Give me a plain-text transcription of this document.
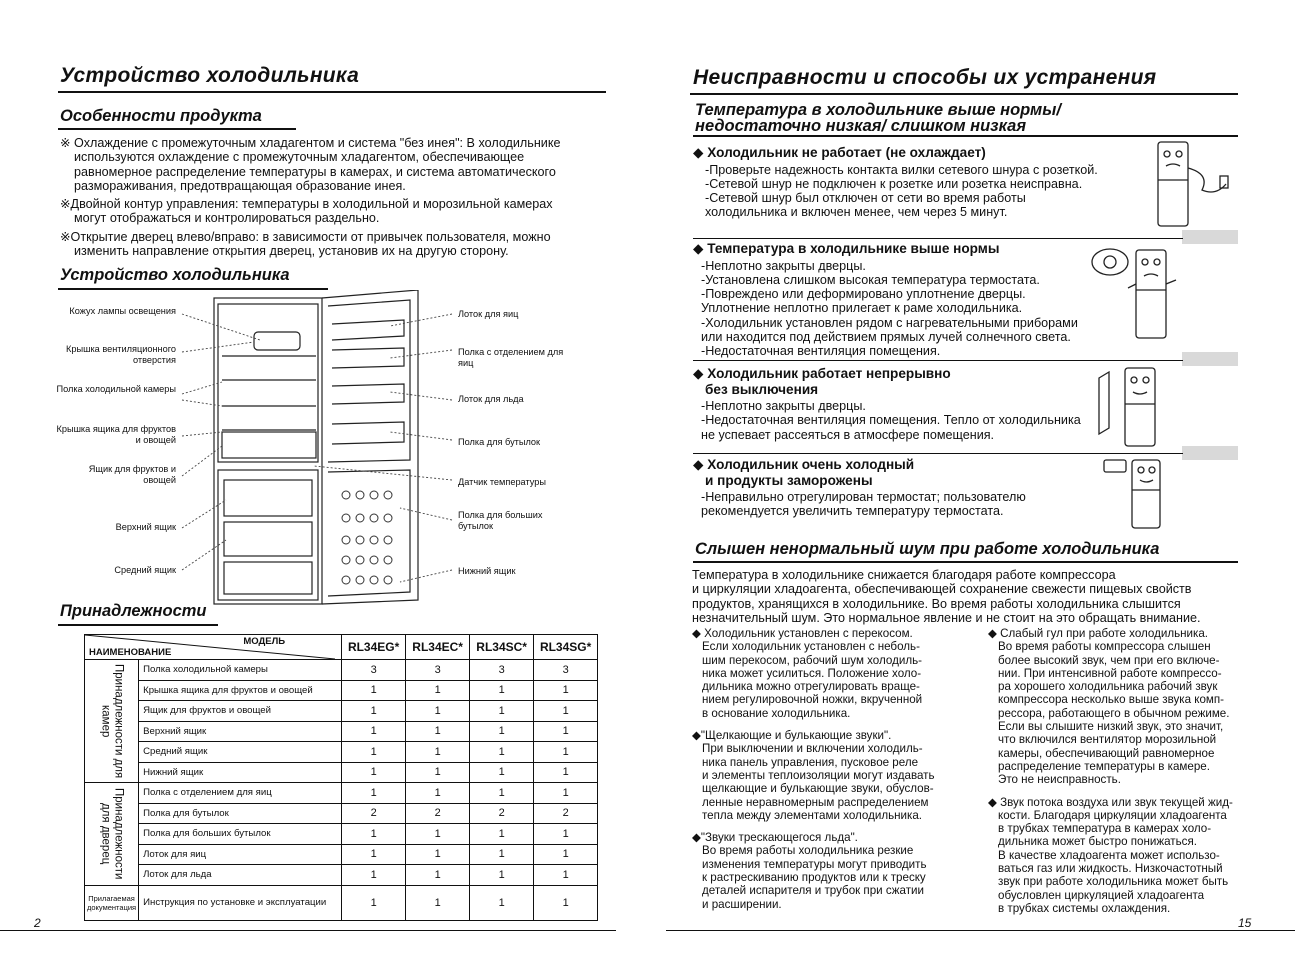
Устройство холодильника
Особенности продукта
※ Охлаждение с промежуточным хладагентом и система "без инея": В холодильнике
используются охлаждение с промежуточным хладагентом, обеспечивающее
равномерное распределение температуры в камерах, и система автоматического
размораживания, предотвращающая образование инея.
※Двойной контур управления: температуры в холодильной и морозильной камерах
могут отображаться и контролироваться раздельно.
※Открытие дверец влево/вправо: в зависимости от привычек пользователя, можно
изменить направление открытия дверец, установив их на другую сторону.
Устройство холодильника
Кожух лампы освещения
Крышка вентиляционного отверстия
Полка холодильной камеры
Крышка ящика для фруктов и овощей
Ящик для фруктов и овощей
Верхний ящик
Средний ящик
Лоток для яиц
Полка с отделением для яиц
Лоток для льда
Полка для бутылок
Датчик температуры
Полка для больших бутылок
Нижний ящик
Принадлежности
МОДЕЛЬ
НАИМЕНОВАНИЕ		RL34EG*	RL34EC*	RL34SC*	RL34SG*

Принадлежности для камер	Полка холодильной камеры	3	3	3	3
	Крышка ящика для фруктов и овощей	1	1	1	1
	Ящик для фруктов и овощей	1	1	1	1
	Верхний ящик	1	1	1	1
	Средний ящик	1	1	1	1
	Нижний ящик	1	1	1	1

Принадлежности для дверец	Полка с отделением для яиц	1	1	1	1
	Полка для бутылок	2	2	2	2
	Полка для больших бутылок	1	1	1	1
	Лоток для яиц	1	1	1	1
	Лоток для льда	1	1	1	1
Прилагаемая документация	Инструкция по установке и эксплуатации	1	1	1	1
2
Неисправности и способы их устранения
Температура в холодильнике выше нормы/
недостаточно низкая/ слишком низкая
◆ Холодильник не работает (не охлаждает)
-Проверьте надежность контакта вилки сетевого шнура с розеткой.
-Сетевой шнур не подключен к розетке или розетка неисправна.
-Сетевой шнур был отключен от сети во время работы
холодильника и включен менее, чем через 5 минут.
◆ Температура в холодильнике выше нормы
-Неплотно закрыты дверцы.
-Установлена слишком высокая температура термостата.
-Повреждено или деформировано уплотнение дверцы.
Уплотнение неплотно прилегает к раме холодильника.
-Холодильник установлен рядом с нагревательными приборами
или находится под действием прямых лучей солнечного света.
-Недостаточная вентиляция помещения.
◆ Холодильник работает непрерывно
без выключения
-Неплотно закрыты дверцы.
-Недостаточная вентиляция помещения. Тепло от холодильника
не успевает рассеяться в атмосфере помещения.
◆ Холодильник очень холодный
и продукты заморожены
-Неправильно отрегулирован термостат; пользователю
рекомендуется увеличить температуру термостата.
Слышен ненормальный шум при работе холодильника
Температура в холодильнике снижается благодаря работе компрессора
и циркуляции хладоагента, обеспечивающей сохранение свежести пищевых свойств
продуктов, хранящихся в холодильнике. Во время работы холодильника слышится
незначительный шум. Это нормальное явление и не стоит на это обращать внимание.
◆ Холодильник установлен с перекосом.
Если холодильник установлен с неболь-
шим перекосом, рабочий шум холодиль-
ника может усилиться. Положение холо-
дильника можно отрегулировать враще-
нием регулировочной ножки, вкрученной
в основание холодильника.
◆"Щелкающие и булькающие звуки".
При выключении и включении холодиль-
ника панель управления, пусковое реле
и элементы теплоизоляции могут издавать
щелкающие и булькающие звуки, обуслов-
ленные неравномерным распределением
тепла между элементами холодильника.
◆"Звуки трескающегося льда".
Во время работы холодильника резкие
изменения температуры могут приводить
к растрескиванию продуктов или к треску
деталей испарителя и трубок при сжатии
и расширении.
◆ Слабый гул при работе холодильника.
Во время работы компрессора слышен
более высокий звук, чем при его включе-
нии. При интенсивной работе компрессо-
ра хорошего холодильника рабочий звук
компрессора несколько выше звука комп-
рессора, работающего в обычном режиме.
Если вы слышите низкий звук, это значит,
что включился вентилятор морозильной
камеры, обеспечивающий равномерное
распределение температуры в камере.
Это не неисправность.
◆ Звук потока воздуха или звук текущей жид-
кости. Благодаря циркуляции хладоагента
в трубках температура в камерах холо-
дильника может быстро понижаться.
В качестве хладоагента может использо-
ваться газ или жидкость. Низкочастотный
звук при работе холодильника может быть
обусловлен циркуляцией хладоагента
в трубках системы охлаждения.
15
